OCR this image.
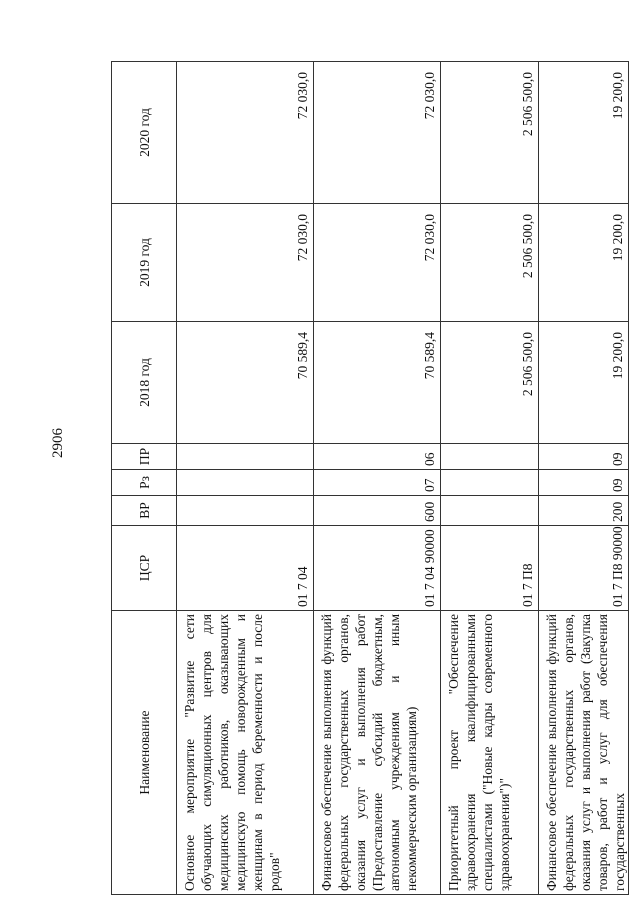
2906
Наименование	ЦСР	ВР	Рз	ПР	2018 год	2019 год	2020 год
Основное мероприятие "Развитие сети обучающих симуляционных центров для медицинских работников, оказывающих медицинскую помощь новорожденным и женщинам в период беременности и после родов"	01 7 04				70 589,4	72 030,0	72 030,0
Финансовое обеспечение выполнения функций федеральных государственных органов, оказания услуг и выполнения работ (Предоставление субсидий бюджетным, автономным учреждениям и иным некоммерческим организациям)	01 7 04 90000	600	07	06	70 589,4	72 030,0	72 030,0
Приоритетный проект "Обеспечение здравоохранения квалифицированными специалистами ("Новые кадры современного здравоохранения")"	01 7 П8				2 506 500,0	2 506 500,0	2 506 500,0
Финансовое обеспечение выполнения функций федеральных государственных органов, оказания услуг и выполнения работ (Закупка товаров, работ и услуг для обеспечения государственных	01 7 П8 90000	200	09	09	19 200,0	19 200,0	19 200,0
